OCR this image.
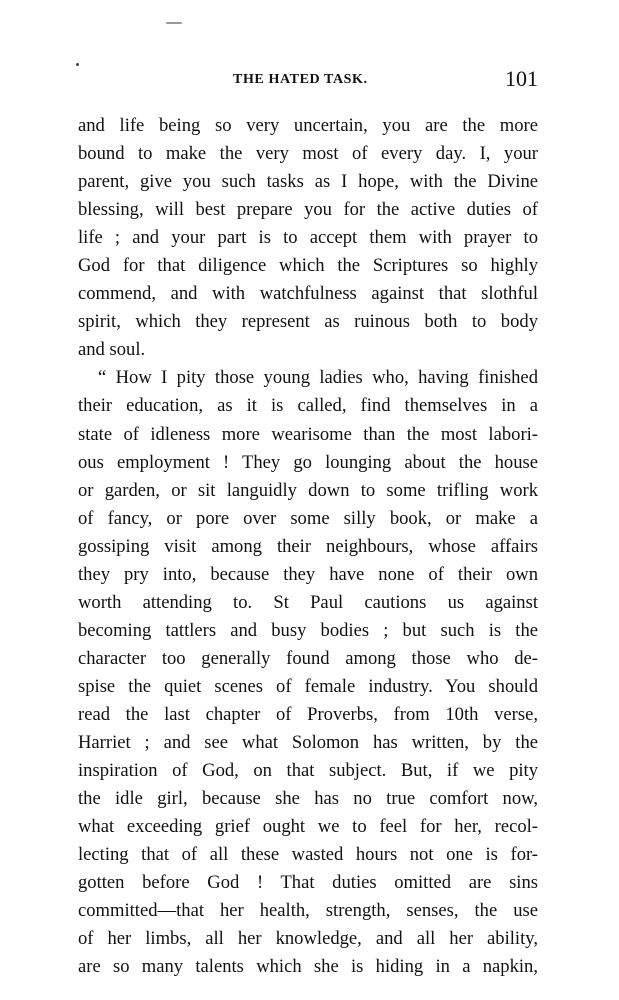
THE HATED TASK.	101
and life being so very uncertain, you are the more
bound to make the very most of every day. I, your
parent, give you such tasks as I hope, with the Divine
blessing, will best prepare you for the active duties of
life ; and your part is to accept them with prayer to
God for that diligence which the Scriptures so highly
commend, and with watchfulness against that slothful
spirit, which they represent as ruinous both to body
and soul.
“ How I pity those young ladies who, having finished
their education, as it is called, find themselves in a
state of idleness more wearisome than the most labori-
ous employment ! They go lounging about the house
or garden, or sit languidly down to some trifling work
of fancy, or pore over some silly book, or make a
gossiping visit among their neighbours, whose affairs
they pry into, because they have none of their own
worth attending to. St Paul cautions us against
becoming tattlers and busy bodies ; but such is the
character too generally found among those who de-
spise the quiet scenes of female industry. You should
read the last chapter of Proverbs, from 10th verse,
Harriet ; and see what Solomon has written, by the
inspiration of God, on that subject. But, if we pity
the idle girl, because she has no true comfort now,
what exceeding grief ought we to feel for her, recol-
lecting that of all these wasted hours not one is for-
gotten before God ! That duties omitted are sins
committed—that her health, strength, senses, the use
of her limbs, all her knowledge, and all her ability,
are so many talents which she is hiding in a napkin,
